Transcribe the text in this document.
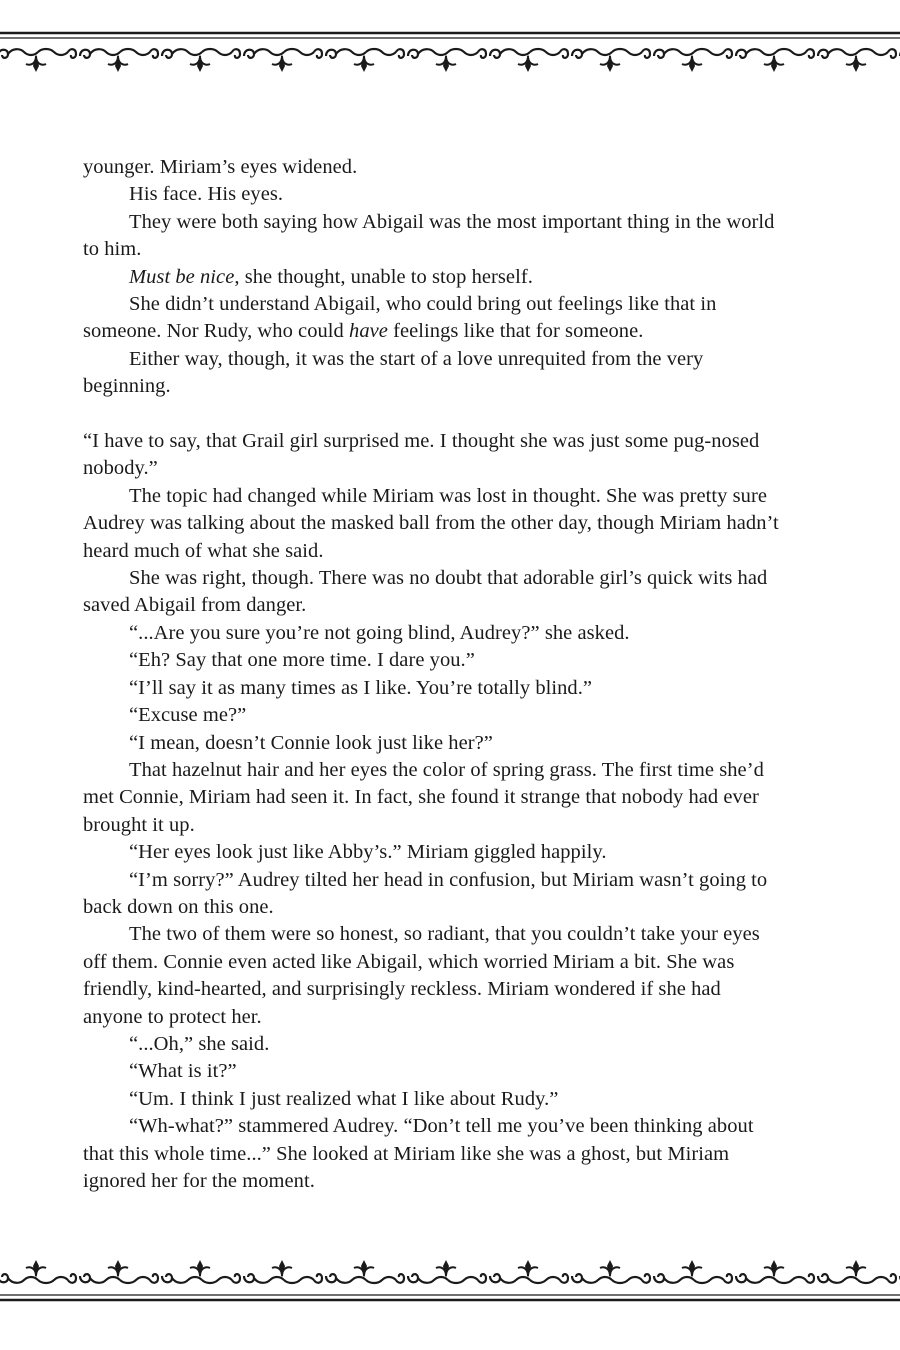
younger. Miriam’s eyes widened.

His face. His eyes.

They were both saying how Abigail was the most important thing in the world to him.

Must be nice, she thought, unable to stop herself.

She didn’t understand Abigail, who could bring out feelings like that in someone. Nor Rudy, who could have feelings like that for someone.

Either way, though, it was the start of a love unrequited from the very beginning.

“I have to say, that Grail girl surprised me. I thought she was just some pug-nosed nobody.”

The topic had changed while Miriam was lost in thought. She was pretty sure Audrey was talking about the masked ball from the other day, though Miriam hadn’t heard much of what she said.

She was right, though. There was no doubt that adorable girl’s quick wits had saved Abigail from danger.

“...Are you sure you’re not going blind, Audrey?” she asked.

“Eh? Say that one more time. I dare you.”

“I’ll say it as many times as I like. You’re totally blind.”

“Excuse me?”

“I mean, doesn’t Connie look just like her?”

That hazelnut hair and her eyes the color of spring grass. The first time she’d met Connie, Miriam had seen it. In fact, she found it strange that nobody had ever brought it up.

“Her eyes look just like Abby’s.” Miriam giggled happily.

“I’m sorry?” Audrey tilted her head in confusion, but Miriam wasn’t going to back down on this one.

The two of them were so honest, so radiant, that you couldn’t take your eyes off them. Connie even acted like Abigail, which worried Miriam a bit. She was friendly, kind-hearted, and surprisingly reckless. Miriam wondered if she had anyone to protect her.

“...Oh,” she said.

“What is it?”

“Um. I think I just realized what I like about Rudy.”

“Wh-what?” stammered Audrey. “Don’t tell me you’ve been thinking about that this whole time...” She looked at Miriam like she was a ghost, but Miriam ignored her for the moment.
